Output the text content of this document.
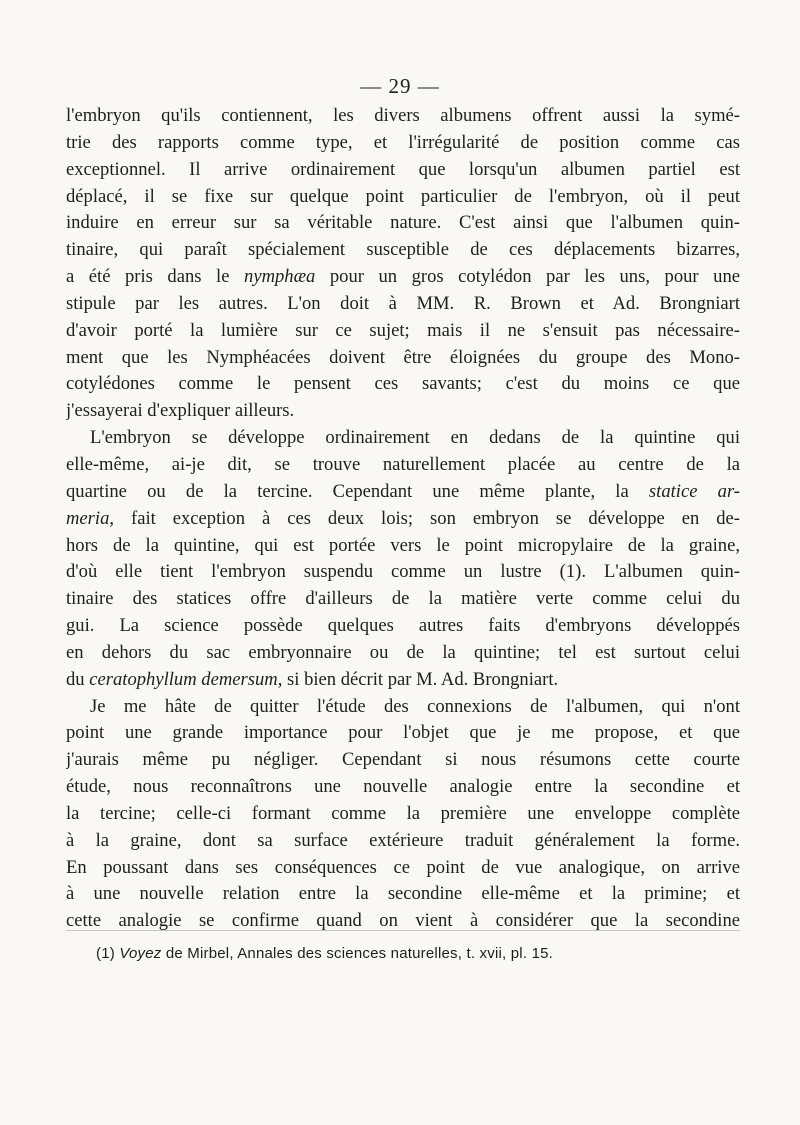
— 29 —
l'embryon qu'ils contiennent, les divers albumens offrent aussi la symé-
trie des rapports comme type, et l'irrégularité de position comme cas
exceptionnel. Il arrive ordinairement que lorsqu'un albumen partiel est
déplacé, il se fixe sur quelque point particulier de l'embryon, où il peut
induire en erreur sur sa véritable nature. C'est ainsi que l'albumen quin-
tinaire, qui paraît spécialement susceptible de ces déplacements bizarres,
a été pris dans le nymphæa pour un gros cotylédon par les uns, pour une
stipule par les autres. L'on doit à MM. R. Brown et Ad. Brongniart
d'avoir porté la lumière sur ce sujet; mais il ne s'ensuit pas nécessaire-
ment que les Nymphéacées doivent être éloignées du groupe des Mono-
cotylédones comme le pensent ces savants; c'est du moins ce que
j'essayerai d'expliquer ailleurs.
L'embryon se développe ordinairement en dedans de la quintine qui
elle-même, ai-je dit, se trouve naturellement placée au centre de la
quartine ou de la tercine. Cependant une même plante, la statice ar-
meria, fait exception à ces deux lois; son embryon se développe en de-
hors de la quintine, qui est portée vers le point micropylaire de la graine,
d'où elle tient l'embryon suspendu comme un lustre (1). L'albumen quin-
tinaire des statices offre d'ailleurs de la matière verte comme celui du
gui. La science possède quelques autres faits d'embryons développés
en dehors du sac embryonnaire ou de la quintine; tel est surtout celui
du ceratophyllum demersum, si bien décrit par M. Ad. Brongniart.
Je me hâte de quitter l'étude des connexions de l'albumen, qui n'ont
point une grande importance pour l'objet que je me propose, et que
j'aurais même pu négliger. Cependant si nous résumons cette courte
étude, nous reconnaîtrons une nouvelle analogie entre la secondine et
la tercine; celle-ci formant comme la première une enveloppe complète
à la graine, dont sa surface extérieure traduit généralement la forme.
En poussant dans ses conséquences ce point de vue analogique, on arrive
à une nouvelle relation entre la secondine elle-même et la primine; et
cette analogie se confirme quand on vient à considérer que la secondine
(1) Voyez de Mirbel, Annales des sciences naturelles, t. xvii, pl. 15.
